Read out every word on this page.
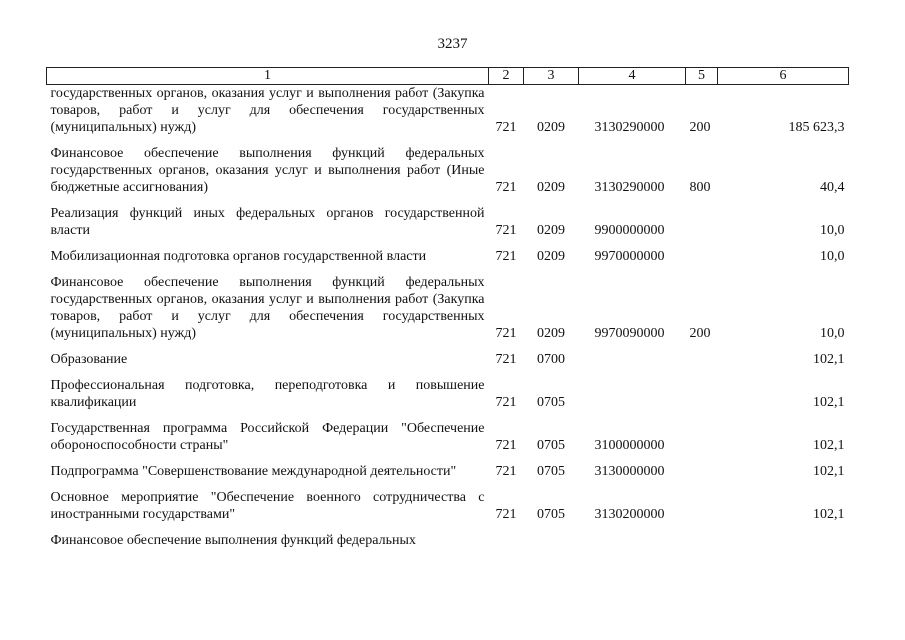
3237
1	2	3	4	5	6
государственных органов, оказания услуг и выполнения работ (Закупка товаров, работ и услуг для обеспечения государственных (муниципальных) нужд)	721	0209	3130290000	200	185 623,3
Финансовое обеспечение выполнения функций федеральных государственных органов, оказания услуг и выполнения работ (Иные бюджетные ассигнования)	721	0209	3130290000	800	40,4
Реализация функций иных федеральных органов государственной власти	721	0209	9900000000		10,0
Мобилизационная подготовка органов государственной власти	721	0209	9970000000		10,0
Финансовое обеспечение выполнения функций федеральных государственных органов, оказания услуг и выполнения работ (Закупка товаров, работ и услуг для обеспечения государственных (муниципальных) нужд)	721	0209	9970090000	200	10,0
Образование	721	0700			102,1
Профессиональная подготовка, переподготовка и повышение квалификации	721	0705			102,1
Государственная программа Российской Федерации "Обеспечение обороноспособности страны"	721	0705	3100000000		102,1
Подпрограмма "Совершенствование международной деятельности"	721	0705	3130000000		102,1
Основное мероприятие "Обеспечение военного сотрудничества с иностранными государствами"	721	0705	3130200000		102,1
Финансовое обеспечение выполнения функций федеральных					
